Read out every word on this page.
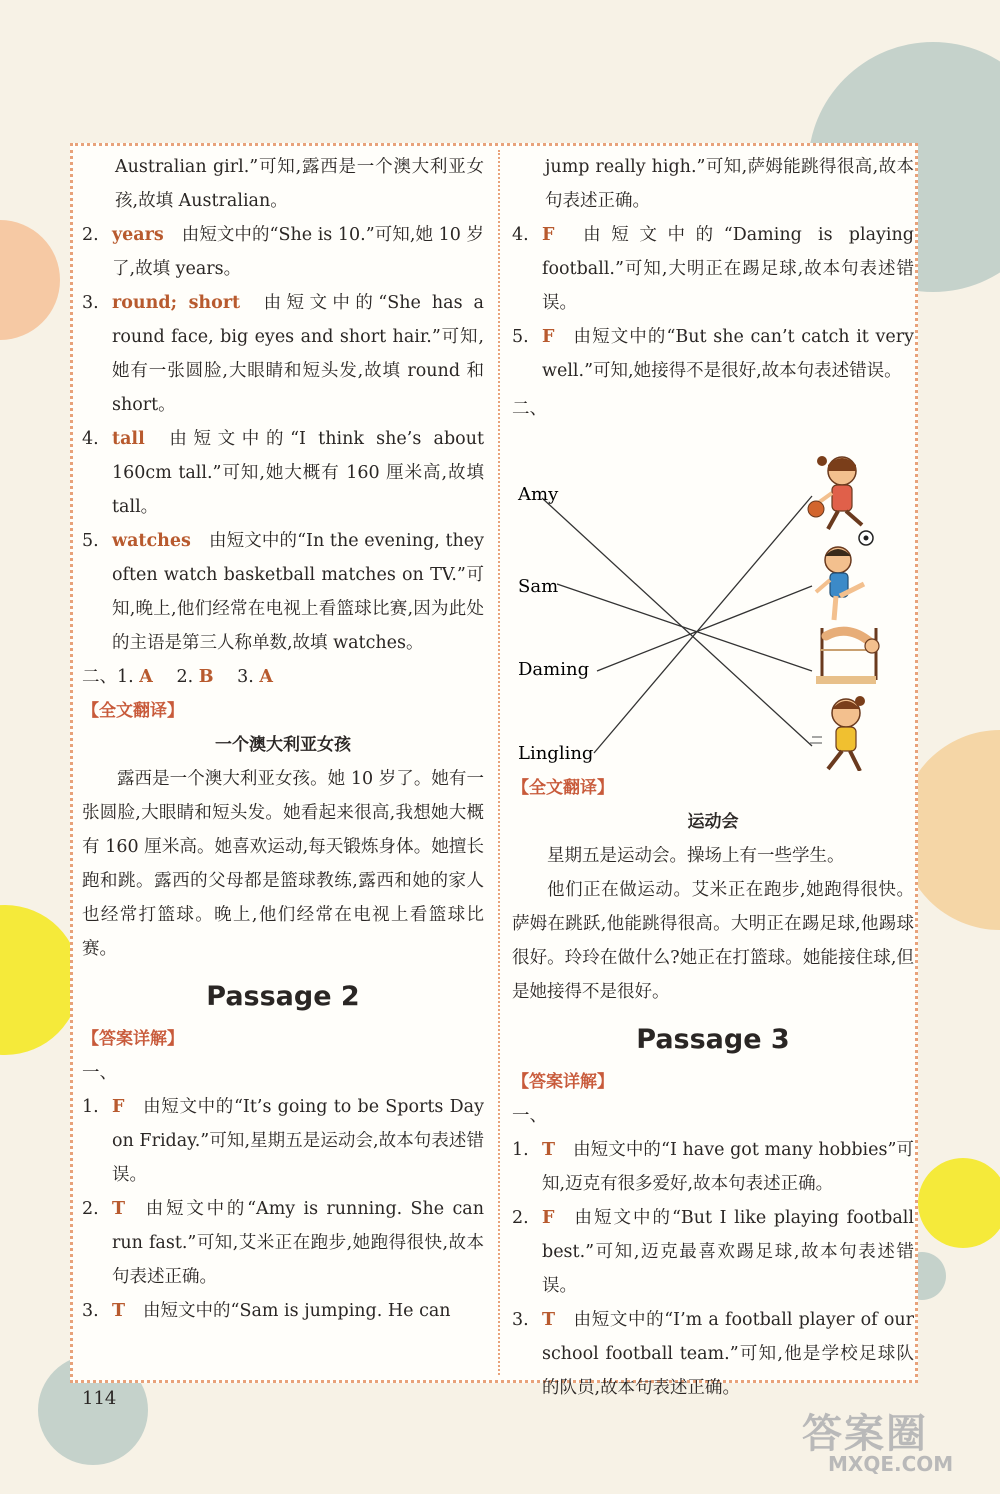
Australian girl.”可知,露西是一个澳大利亚女孩,故填 Australian。
2. years 由短文中的“She is 10.”可知,她 10 岁了,故填 years。
3. round; short 由短文中的“She has a round face, big eyes and short hair.”可知,她有一张圆脸,大眼睛和短头发,故填 round 和 short。
4. tall 由短文中的“I think she’s about 160cm tall.”可知,她大概有 160 厘米高,故填 tall。
5. watches 由短文中的“In the evening, they often watch basketball matches on TV.”可知,晚上,他们经常在电视上看篮球比赛,因为此处的主语是第三人称单数,故填 watches。
二、1. A 2. B 3. A
【全文翻译】
一个澳大利亚女孩
露西是一个澳大利亚女孩。她 10 岁了。她有一张圆脸,大眼睛和短头发。她看起来很高,我想她大概有 160 厘米高。她喜欢运动,每天锻炼身体。她擅长跑和跳。露西的父母都是篮球教练,露西和她的家人也经常打篮球。晚上,他们经常在电视上看篮球比赛。
Passage 2
【答案详解】
一、
1. F 由短文中的“It’s going to be Sports Day on Friday.”可知,星期五是运动会,故本句表述错误。
2. T 由短文中的“Amy is running. She can run fast.”可知,艾米正在跑步,她跑得很快,故本句表述正确。
3. T 由短文中的“Sam is jumping. He can
jump really high.”可知,萨姆能跳得很高,故本句表述正确。
4. F 由短文中的“Daming is playing football.”可知,大明正在踢足球,故本句表述错误。
5. F 由短文中的“But she can’t catch it very well.”可知,她接得不是很好,故本句表述错误。
二、
Amy
Sam
Daming
Lingling
【全文翻译】
运动会
星期五是运动会。操场上有一些学生。
他们正在做运动。艾米正在跑步,她跑得很快。萨姆在跳跃,他能跳得很高。大明正在踢足球,他踢球很好。玲玲在做什么?她正在打篮球。她能接住球,但是她接得不是很好。
Passage 3
【答案详解】
一、
1. T 由短文中的“I have got many hobbies”可知,迈克有很多爱好,故本句表述正确。
2. F 由短文中的“But I like playing football best.”可知,迈克最喜欢踢足球,故本句表述错误。
3. T 由短文中的“I’m a football player of our school football team.”可知,他是学校足球队的队员,故本句表述正确。
114
答案圈
MXQE.COM
